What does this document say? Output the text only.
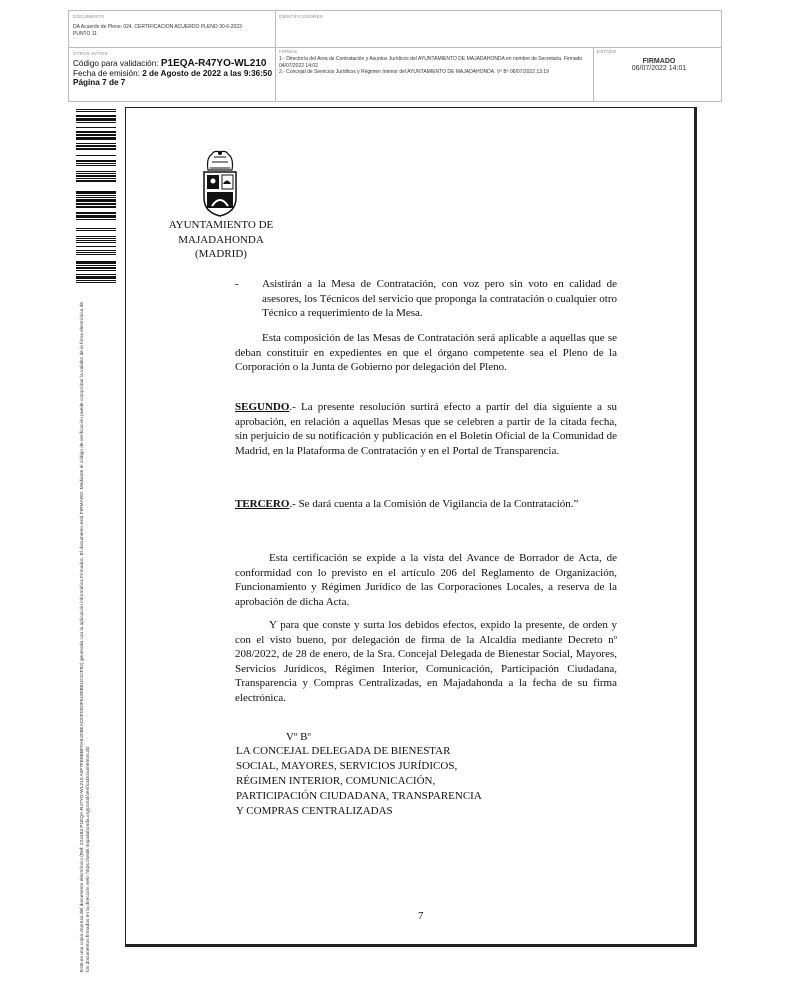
DOCUMENTO
DA Acuerdo de Pleno: 024. CERTIFICACION ACUERDO PLENO 30-6-2022 PUNTO 11
IDENTIFICADORES
OTROS DATOS
Código para validación: P1EQA-R47YO-WL210
Fecha de emisión: 2 de Agosto de 2022 a las 9:36:50
Página 7 de 7
FIRMAS
1.- Director/a del Area de Contratación y Asuntos Jurídicos del AYUNTAMIENTO DE MAJADAHONDA en nombre de Secretaria. Firmado 04/07/2022 14:02
2.- Concejal de Servicios Jurídicos y Régimen Interior del AYUNTAMIENTO DE MAJADAHONDA. Vº Bº 06/07/2022 13:19
ESTADO
FIRMADO
06/07/2022 14:01
Este es una copia impresa del documento electrónico (Ref: 224483 P1EQA-R47YO-WL210 A0F7FE8EBF0A91D8EACDFCE0F6180B91D1CF82) generada con la aplicación informática Firmadoc. El documento está FIRMADO. Mediante el código de verificación puede comprobar la validez de la firma electrónica de los documentos firmados en la dirección web: https://sede.majadahonda.org/portal/verificaDocumentos.do
AYUNTAMIENTO DE
MAJADAHONDA
(MADRID)
-	Asistirán a la Mesa de Contratación, con voz pero sin voto en calidad de asesores, los Técnicos del servicio que proponga la contratación o cualquier otro Técnico a requerimiento de la Mesa.

Esta composición de las Mesas de Contratación será aplicable a aquellas que se deban constituir en expedientes en que el órgano competente sea el Pleno de la Corporación o la Junta de Gobierno por delegación del Pleno.

SEGUNDO.- La presente resolución surtirá efecto a partir del día siguiente a su aprobación, en relación a aquellas Mesas que se celebren a partir de la citada fecha, sin perjuicio de su notificación y publicación en el Boletín Oficial de la Comunidad de Madrid, en la Plataforma de Contratación y en el Portal de Transparencia.

TERCERO.- Se dará cuenta a la Comisión de Vigilancia de la Contratación.”

Esta certificación se expide a la vista del Avance de Borrador de Acta, de conformidad con lo previsto en el artículo 206 del Reglamento de Organización, Funcionamiento y Régimen Jurídico de las Corporaciones Locales, a reserva de la aprobación de dicha Acta.

Y para que conste y surta los debidos efectos, expido la presente, de orden y con el visto bueno, por delegación de firma de la Alcaldía mediante Decreto nº 208/2022, de 28 de enero, de la Sra. Concejal Delegada de Bienestar Social, Mayores, Servicios Jurídicos, Régimen Interior, Comunicación, Participación Ciudadana, Transparencia y Compras Centralizadas, en Majadahonda a la fecha de su firma electrónica.

Vº Bº
LA CONCEJAL DELEGADA DE BIENESTAR
SOCIAL, MAYORES, SERVICIOS JURÍDICOS,
RÉGIMEN INTERIOR, COMUNICACIÓN,
PARTICIPACIÓN CIUDADANA, TRANSPARENCIA
Y COMPRAS CENTRALIZADAS
7
